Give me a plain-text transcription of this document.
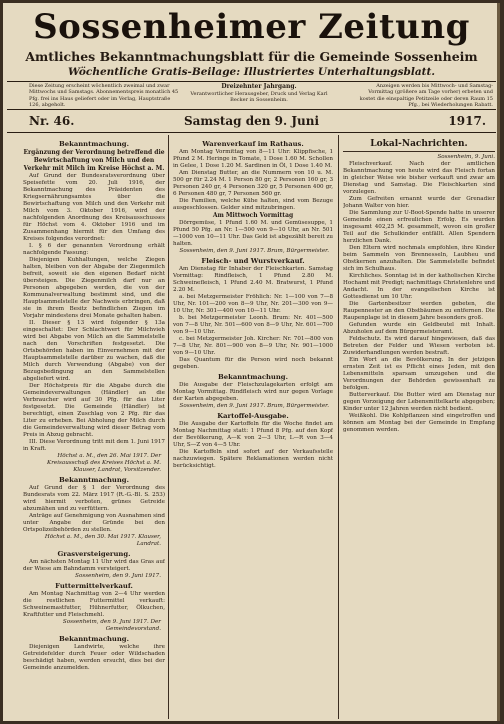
Sossenheimer Zeitung
Amtliches Bekanntmachungsblatt für die Gemeinde Sossenheim
Wöchentliche Gratis-Beilage: Illustriertes Unterhaltungsblatt.
Diese Zeitung erscheint wöchentlich zweimal und zwar Mittwochs und Samstags. Abonnementspreis monatlich 45 Pfg. frei ins Haus geliefert oder im Verlag, Hauptstraße 126, abgeholt.
Dreizehnter Jahrgang.
Verantwortlicher Herausgeber, Druck und Verlag Karl Becker in Sossenheim.
Anzeigen werden bis Mittwoch- und Samstag-Vormittag (größere am Tage vorher) erbeten und kostet die einspaltige Petitzeile oder deren Raum 15 Pfg., bei Wiederholungen Rabatt.
Nr. 46.	Samstag den 9. Juni	1917.
Bekanntmachung.
Ergänzung der Verordnung betreffend die Bewirtschaftung von Milch und den Verkehr mit Milch im Kreise Höchst a. M.

Auf Grund der Bundesratsverordnung über Speisefette vom 20. Juli 1916, der Bekanntmachung des Präsidenten des Kriegsernährungsamtes über die Bewirtschaftung von Milch und den Verkehr mit Milch vom 3. Oktober 1916, wird der nachfolgenden Anordnung des Kreisausschusses für Höchst vom 4. Oktober 1916 und im Zusammenhang hiermit für den Umfang des Kreises folgendes verordnet:

I. § 6 der genannten Verordnung erhält nachfolgende Fassung:

Diejenigen Kuhhaltungen, welche Ziegen halten, bleiben von der Abgabe der Ziegenmilch befreit, soweit sie den eigenen Bedarf nicht übersteigen. Die Ziegenmilch darf nur an Personen abgegeben werden, die von der Kommunalverwaltung bestimmt sind, und die Hauptsammelstelle der Nachweis erbringen, daß sie in ihrem Besitz befindlichen Ziegen im Vorjahr mindestens drei Monate gehalten haben.

II. Dieser § 13 wird folgender § 13a eingeschaltet: Der Schlachtwert für Milchvieh wird bei Abgabe von Milch an die Sammelstelle nach den Vorschriften festgesetzt. Die Ortsbehörden haben im Einvernehmen mit der Hauptsammelstelle darüber zu wachen, daß die Milch durch Verwendung (Abgabe) von der Bezugsbedingung an den Sammelstellen abgeliefert wird.

Der Höchstpreis für die Abgabe durch die Gemeindeverwaltungen (Händler) an die Verbraucher wird auf 30 Pfg. für das Liter festgesetzt. Die Gemeinde (Händler) ist berechtigt, einen Zuschlag von 2 Pfg. für das Liter zu erheben. Bei Abholung der Milch durch die Gemeindeverwaltung wird dieser Betrag vom Preis in Abzug gebracht.

III. Diese Verordnung tritt mit dem 1. Juni 1917 in Kraft.

Höchst a. M., den 26. Mai 1917. Der Kreisausschuß des Kreises Höchst a. M. Klauser, Landrat, Vorsitzender.

Bekanntmachung.

Auf Grund der § 1 der Verordnung des Bundesrats vom 22. März 1917 (R.-G.-Bl. S. 253) wird hiermit verboten, grünes Getreide abzumähen und zu verfüttern.

Anträge auf Genehmigung von Ausnahmen sind unter Angabe der Gründe bei den Ortspolizeibehörden zu stellen.

Höchst a. M., den 30. Mai 1917. Klauser, Landrat.

Grasversteigerung.

Am nächsten Montag 11 Uhr wird das Gras auf der Wiese am Bahndamm versteigert.

Sossenheim, den 9. Juni 1917.

Futtermittelverkauf.

Am Montag Nachmittag von 2—4 Uhr werden die restlichen Futtermittel verkauft: Schweinemastfutter, Hühnerfutter, Ölkuchen, Kraftfutter und Fleischmehl.

Sossenheim, den 9. Juni 1917. Der Gemeindevorstand.

Bekanntmachung.

Diejenigen Landwirte, welche ihre Getreidefelder durch Feuer oder Wildschaden beschädigt haben, werden ersucht, dies bei der Gemeinde anzumelden.

Warenverkauf im Rathaus.

Am Montag Vormittag von 8—11 Uhr: Klippfische, 1 Pfund 2 M. Heringe in Tomate, 1 Dose 1.60 M. Schollen in Gelee, 1 Dose 1.20 M. Sardinen in Öl, 1 Dose 1.40 M.

Am Dienstag Butter, an die Nummern von 10 u. M. 500 gr für 2.24 M. 1 Person 80 gr, 2 Personen 160 gr, 3 Personen 240 gr, 4 Personen 320 gr, 5 Personen 400 gr, 6 Personen 480 gr, 7 Personen 560 gr.

Die Familien, welche Kühe halten, sind vom Bezuge ausgeschlossen. Gelder sind mitzubringen.

Am Mittwoch Vormittag

Dörrgemüse, 1 Pfund 1.60 M. und Gemüsesuppe, 1 Pfund 50 Pfg. an Nr. 1—500 von 9—10 Uhr, an Nr. 501—1000 von 10—11 Uhr. Das Geld ist abgezählt bereit zu halten.

Sossenheim, den 9. Juni 1917. Brum, Bürgermeister.

Fleisch- und Wurstverkauf.

Am Dienstag für Inhaber der Fleischkarten. Samstag Vormittag: Rindfleisch, 1 Pfund 2.80 M. Schweinefleisch, 1 Pfund 2.40 M. Bratwurst, 1 Pfund 2.20 M.

a. bei Metzgermeister Fröhlich: Nr. 1—100 von 7—8 Uhr, Nr. 101—200 von 8—9 Uhr, Nr. 201—300 von 9—10 Uhr, Nr. 301—400 von 10—11 Uhr.

b. bei Metzgermeister Leonh. Brum: Nr. 401—500 von 7—8 Uhr, Nr. 501—600 von 8—9 Uhr, Nr. 601—700 von 9—10 Uhr.

c. bei Metzgermeister Joh. Kircher: Nr. 701—800 von 7—8 Uhr, Nr. 801—900 von 8—9 Uhr, Nr. 901—1000 von 9—10 Uhr.

Das Quantum für die Person wird noch bekannt gegeben.

Bekanntmachung.

Die Ausgabe der Fleischzulagekarten erfolgt am Montag Vormittag. Rindfleisch wird nur gegen Vorlage der Karten abgegeben.

Sossenheim, den 9. Juni 1917. Brum, Bürgermeister.

Kartoffel-Ausgabe.

Die Ausgabe der Kartoffeln für die Woche findet am Montag Nachmittag statt: 1 Pfund 8 Pfg. auf den Kopf der Bevölkerung, A—K von 2—3 Uhr, L—R von 3—4 Uhr, S—Z von 4—5 Uhr.

Die Kartoffeln sind sofort auf der Verkaufsstelle nachzuwiegen. Spätere Reklamationen werden nicht berücksichtigt.

Lokal-Nachrichten.
Sossenheim, 9. Juni.

Fleischverkauf. Nach der amtlichen Bekanntmachung von heute wird das Fleisch fortan in gleicher Weise wie bisher verkauft und zwar am Dienstag und Samstag. Die Fleischkarten sind vorzulegen.

Zum Gefreiten ernannt wurde der Grenadier Johann Walter von hier.

Die Sammlung zur U-Boot-Spende hatte in unserer Gemeinde einen erfreulichen Erfolg. Es wurden insgesamt 402,25 M. gesammelt, wovon ein großer Teil auf die Schulkinder entfällt. Allen Spendern herzlichen Dank.

Den Eltern wird nochmals empfohlen, ihre Kinder beim Sammeln von Brennesseln, Laubheu und Obstkernen anzuhalten. Die Sammelstelle befindet sich im Schulhaus.

Kirchliches. Sonntag ist in der katholischen Kirche Hochamt mit Predigt; nachmittags Christenlehre und Andacht. In der evangelischen Kirche ist Gottesdienst um 10 Uhr.

Die Gartenbesitzer werden gebeten, die Raupennester an den Obstbäumen zu entfernen. Die Raupenplage ist in diesem Jahre besonders groß.

Gefunden wurde ein Geldbeutel mit Inhalt. Abzuholen auf dem Bürgermeisteramt.

Feldschutz. Es wird darauf hingewiesen, daß das Betreten der Felder und Wiesen verboten ist. Zuwiderhandlungen werden bestraft.

Ein Wort an die Bevölkerung. In der jetzigen ernsten Zeit ist es Pflicht eines Jeden, mit den Lebensmitteln sparsam umzugehen und die Verordnungen der Behörden gewissenhaft zu befolgen.

Butterverkauf. Die Butter wird am Dienstag nur gegen Vorzeigung der Lebensmittelkarte abgegeben; Kinder unter 12 Jahren werden nicht bedient.

Weißkohl. Die Kohlpflanzen sind eingetroffen und können am Montag bei der Gemeinde in Empfang genommen werden.
